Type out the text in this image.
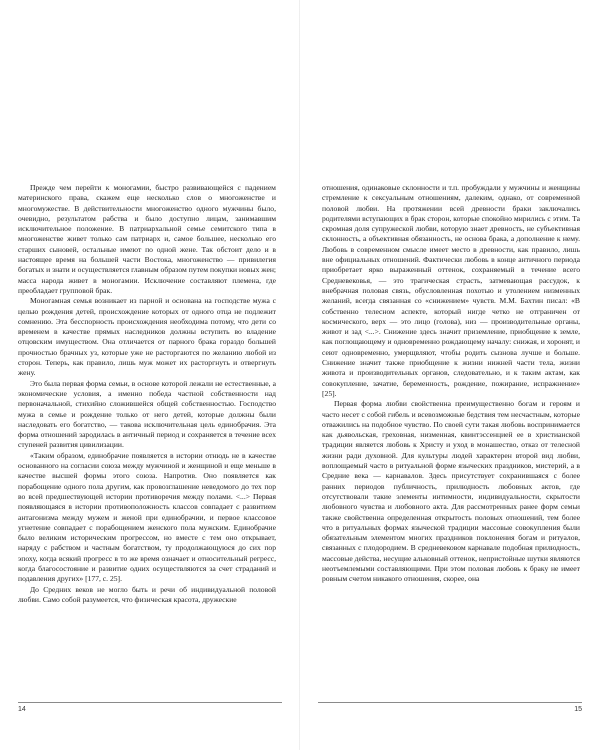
Прежде чем перейти к моногамии, быстро развивающейся с падением материнского права, скажем еще несколько слов о многоженстве и многомужестве. В действительности многоженство одного мужчины было, очевидно, результатом рабства и было доступно лицам, занимавшим исключительное положение. В патриархальной семье семитского типа в многоженстве живет только сам патриарх и, самое большее, несколько его старших сыновей, остальные имеют по одной жене. Так обстоит дело и в настоящее время на большей части Востока, многоженство — привилегия богатых и знати и осуществляется главным образом путем покупки новых жен; масса народа живет в моногамии. Исключение составляют племена, где преобладает групповой брак.

Моногамная семья возникает из парной и основана на господстве мужа с целью рождения детей, происхождение которых от одного отца не подлежит сомнению. Эта бесспорность происхождения необходима потому, что дети со временем в качестве прямых наследников должны вступить во владение отцовским имуществом. Она отличается от парного брака гораздо большей прочностью брачных уз, которые уже не расторгаются по желанию любой из сторон. Теперь, как правило, лишь муж может их расторгнуть и отвергнуть жену.

Это была первая форма семьи, в основе которой лежали не естественные, а экономические условия, а именно победа частной собственности над первоначальной, стихийно сложившейся общей собственностью. Господство мужа в семье и рождение только от него детей, которые должны были наследовать его богатство, — такова исключительная цель единобрачия. Эта форма отношений зародилась в античный период и сохраняется в течение всех ступеней развития цивилизации.

«Таким образом, единобрачие появляется в истории отнюдь не в качестве основанного на согласии союза между мужчиной и женщиной и еще меньше в качестве высшей формы этого союза. Напротив. Оно появляется как порабощение одного пола другим, как провозглашение неведомого до тех пор во всей предшествующей истории противоречия между полами. <...> Первая появляющаяся в истории противоположность классов совпадает с развитием антагонизма между мужем и женой при единобрачии, и первое классовое угнетение совпадает с порабощением женского пола мужским. Единобрачие было великим историческим прогрессом, но вместе с тем оно открывает, наряду с рабством и частным богатством, ту продолжающуюся до сих пор эпоху, когда всякий прогресс в то же время означает и относительный регресс, когда благосостояние и развитие одних осуществляются за счет страданий и подавления других» [177, с. 25].

До Средних веков не могло быть и речи об индивидуальной половой любви. Само собой разумеется, что физическая красота, дружеские

14

отношения, одинаковые склонности и т.п. пробуждали у мужчины и женщины стремление к сексуальным отношениям, далеким, однако, от современной половой любви. На протяжении всей древности браки заключались родителями вступающих в брак сторон, которые спокойно мирились с этим. Та скромная доля супружеской любви, которую знает древность, не субъективная склонность, а объективная обязанность, не основа брака, а дополнение к нему. Любовь в современном смысле имеет место в древности, как правило, лишь вне официальных отношений. Фактически любовь в конце античного периода приобретает ярко выраженный оттенок, сохраняемый в течение всего Средневековья, — это трагическая страсть, затмевающая рассудок, к внебрачная половая связь, обусловленная похотью и утолением низменных желаний, всегда связанная со «снижением» чувств. М.М. Бахтин писал: «В собственно телесном аспекте, который нигде четко не отграничен от космического, верх — это лицо (голова), низ — производительные органы, живот и зад <...>. Снижение здесь значит приземление, приобщение к земле, как поглощающему и одновременно рождающему началу: снижая, и хоронят, и сеют одновременно, умерщвляют, чтобы родить сызнова лучше и больше. Снижение значит также приобщение к жизни нижней части тела, жизни живота и производительных органов, следовательно, и к таким актам, как совокупление, зачатие, беременность, рождение, пожирание, испражнение» [25].

Первая форма любви свойственна преимущественно богам и героям и часто несет с собой гибель и всевозможные бедствия тем несчастным, которые отважились на подобное чувство. По своей сути такая любовь воспринимается как дьявольская, греховная, низменная, квинтэссенцией ее в христианской традиции является любовь к Христу и уход в монашество, отказ от телесной жизни ради духовной. Для культуры людей характерен второй вид любви, воплощаемый часто в ритуальной форме языческих праздников, мистерий, а в Средние века — карнавалов. Здесь присутствует сохранившаяся с более ранних периодов публичность, прилюдность любовных актов, где отсутствовали такие элементы интимности, индивидуальности, скрытости любовного чувства и любовного акта. Для рассмотренных ранее форм семьи также свойственна определенная открытость половых отношений, тем более что в ритуальных формах языческой традиции массовые совокупления были обязательным элементом многих праздников поклонения богам и ритуалов, связанных с плодородием. В средневековом карнавале подобная прилюдность, массовые действа, несущие альковный оттенок, непристойные шутки являются неотъемлемыми составляющими. При этом половая любовь к браку не имеет ровным счетом никакого отношения, скорее, она

15
